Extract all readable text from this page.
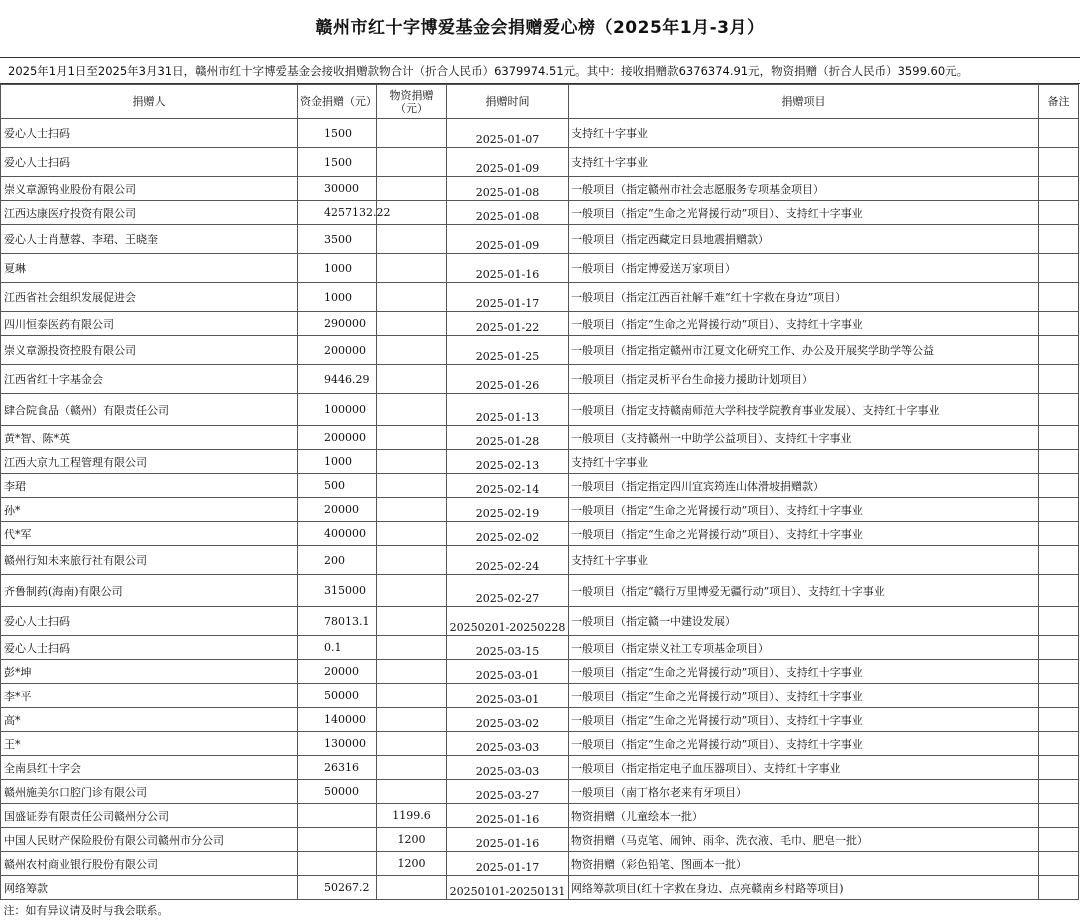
赣州市红十字博爱基金会捐赠爱心榜（2025年1月-3月）
2025年1月1日至2025年3月31日，赣州市红十字博爱基金会接收捐赠款物合计（折合人民币）6379974.51元。其中：接收捐赠款6376374.91元，物资捐赠（折合人民币）3599.60元。
捐赠人	资金捐赠（元）	物资捐赠（元）	捐赠时间	捐赠项目	备注
爱心人士扫码	1500		2025-01-07	支持红十字事业	
爱心人士扫码	1500		2025-01-09	支持红十字事业	
崇义章源钨业股份有限公司	30000		2025-01-08	一般项目（指定赣州市社会志愿服务专项基金项目）	
江西达康医疗投资有限公司	4257132.22		2025-01-08	一般项目（指定“生命之光肾援行动”项目）、支持红十字事业	
爱心人士肖慧蓉、李珺、王晓奎	3500		2025-01-09	一般项目（指定西藏定日县地震捐赠款）	
夏琳	1000		2025-01-16	一般项目（指定博爱送万家项目）	
江西省社会组织发展促进会	1000		2025-01-17	一般项目（指定江西百社解千难“红十字救在身边”项目）	
四川恒泰医药有限公司	290000		2025-01-22	一般项目（指定“生命之光肾援行动”项目）、支持红十字事业	
崇义章源投资控股有限公司	200000		2025-01-25	一般项目（指定指定赣州市江夏文化研究工作、办公及开展奖学助学等公益	
江西省红十字基金会	9446.29		2025-01-26	一般项目（指定灵析平台生命接力援助计划项目）	
肆合院食品（赣州）有限责任公司	100000		2025-01-13	一般项目（指定支持赣南师范大学科技学院教育事业发展）、支持红十字事业	
黄*智、陈*英	200000		2025-01-28	一般项目（支持赣州一中助学公益项目）、支持红十字事业	
江西大京九工程管理有限公司	1000		2025-02-13	支持红十字事业	
李珺	500		2025-02-14	一般项目（指定指定四川宜宾筠连山体滑坡捐赠款）	
孙*	20000		2025-02-19	一般项目（指定“生命之光肾援行动”项目）、支持红十字事业	
代*军	400000		2025-02-02	一般项目（指定“生命之光肾援行动”项目）、支持红十字事业	
赣州行知未来旅行社有限公司	200		2025-02-24	支持红十字事业	
齐鲁制药(海南)有限公司	315000		2025-02-27	一般项目（指定“赣行万里博爱无疆行动”项目）、支持红十字事业	
爱心人士扫码	78013.1		20250201-20250228	一般项目（指定赣一中建设发展）	
爱心人士扫码	0.1		2025-03-15	一般项目（指定崇义社工专项基金项目）	
彭*坤	20000		2025-03-01	一般项目（指定“生命之光肾援行动”项目）、支持红十字事业	
李*平	50000		2025-03-01	一般项目（指定“生命之光肾援行动”项目）、支持红十字事业	
高*	140000		2025-03-02	一般项目（指定“生命之光肾援行动”项目）、支持红十字事业	
王*	130000		2025-03-03	一般项目（指定“生命之光肾援行动”项目）、支持红十字事业	
全南县红十字会	26316		2025-03-03	一般项目（指定指定电子血压器项目）、支持红十字事业	
赣州施美尔口腔门诊有限公司	50000		2025-03-27	一般项目（南丁格尔老来有牙项目）	
国盛证券有限责任公司赣州分公司		1199.6	2025-01-16	物资捐赠（儿童绘本一批）	
中国人民财产保险股份有限公司赣州市分公司		1200	2025-01-16	物资捐赠（马克笔、闹钟、雨伞、洗衣液、毛巾、肥皂一批）	
赣州农村商业银行股份有限公司		1200	2025-01-17	物资捐赠（彩色铅笔、图画本一批）	
网络筹款	50267.2		20250101-20250131	网络筹款项目(红十字救在身边、点亮赣南乡村路等项目)	
注：如有异议请及时与我会联系。					
